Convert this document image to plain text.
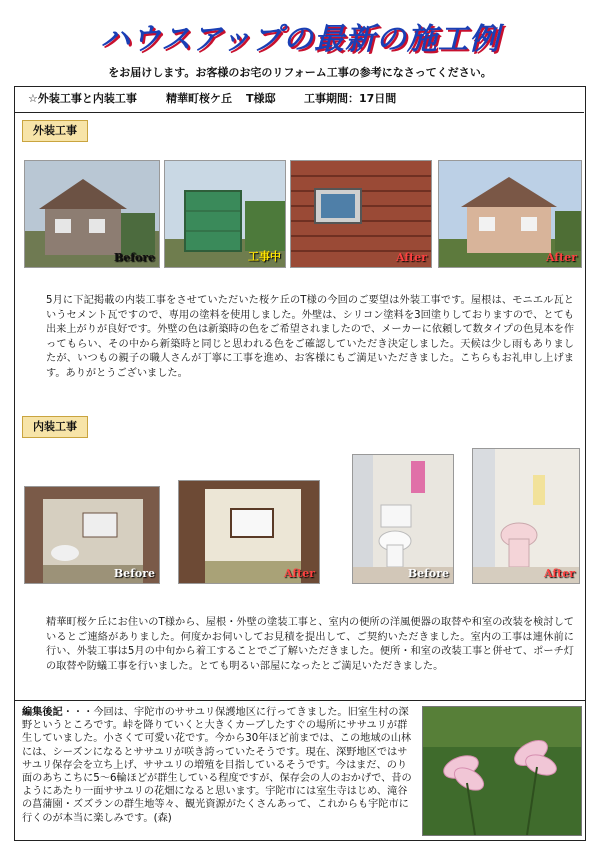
ハウスアップの最新の施工例
をお届けします。お客様のお宅のリフォーム工事の参考になさってください。
☆外装工事と内装工事	精華町桜ケ丘 T様邸	工事期間：17日間
外装工事
Before	工事中	After	After
5月に下記掲載の内装工事をさせていただいた桜ケ丘のT様の今回のご要望は外装工事です。屋根は、モニエル瓦というセメント瓦ですので、専用の塗料を使用しました。外壁は、シリコン塗料を3回塗りしておりますので、とても出来上がりが良好です。外壁の色は新築時の色をご希望されましたので、メーカーに依頼して数タイプの色見本を作ってもらい、その中から新築時と同じと思われる色をご確認していただき決定しました。天候は少し雨もありましたが、いつもの親子の職人さんが丁寧に工事を進め、お客様にもご満足いただきました。こちらもお礼申し上げます。ありがとうございました。
内装工事
Before	After	Before	After
精華町桜ケ丘にお住いのT様から、屋根・外壁の塗装工事と、室内の便所の洋風便器の取替や和室の改装を検討しているとご連絡がありました。何度かお伺いしてお見積を提出して、ご契約いただきました。室内の工事は連休前に行い、外装工事は5月の中旬から着工することでご了解いただきました。便所・和室の改装工事と併せて、ポーチ灯の取替や防蟻工事を行いました。とても明るい部屋になったとご満足いただきました。
編集後記・・・今回は、宇陀市のササユリ保護地区に行ってきました。旧室生村の深野というところです。峠を降りていくと大きくカーブしたすぐの場所にササユリが群生していました。小さくて可愛い花です。今から30年ほど前までは、この地域の山林には、シーズンになるとササユリが咲き誇っていたそうです。現在、深野地区ではササユリ保存会を立ち上げ、ササユリの増殖を目指しているそうです。今はまだ、のり面のあちこちに5～6輪ほどが群生している程度ですが、保存会の人のおかげで、昔のようにあたり一面ササユリの花畑になると思います。宇陀市には室生寺はじめ、滝谷の菖蒲園・ズズランの群生地等々、観光資源がたくさんあって、これからも宇陀市に行くのが本当に楽しみです。(森)
